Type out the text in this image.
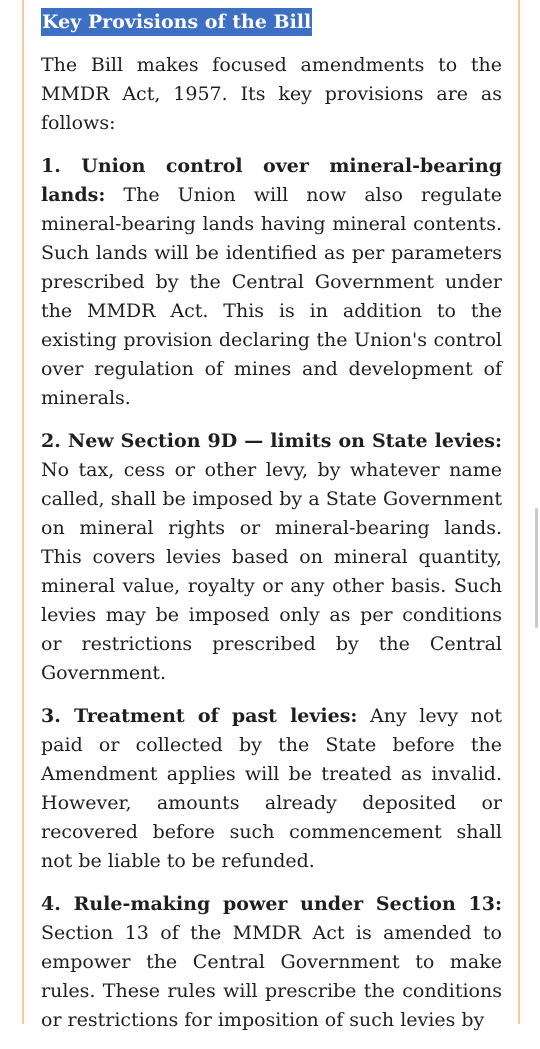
Key Provisions of the Bill

The Bill makes focused amendments to the MMDR Act, 1957. Its key provisions are as follows:

1. Union control over mineral-bearing lands: The Union will now also regulate mineral-bearing lands having mineral contents. Such lands will be identified as per parameters prescribed by the Central Government under the MMDR Act. This is in addition to the existing provision declaring the Union's control over regulation of mines and development of minerals.

2. New Section 9D — limits on State levies: No tax, cess or other levy, by whatever name called, shall be imposed by a State Government on mineral rights or mineral-bearing lands. This covers levies based on mineral quantity, mineral value, royalty or any other basis. Such levies may be imposed only as per conditions or restrictions prescribed by the Central Government.

3. Treatment of past levies: Any levy not paid or collected by the State before the Amendment applies will be treated as invalid. However, amounts already deposited or recovered before such commencement shall not be liable to be refunded.

4. Rule-making power under Section 13: Section 13 of the MMDR Act is amended to empower the Central Government to make rules. These rules will prescribe the conditions or restrictions for imposition of such levies by
